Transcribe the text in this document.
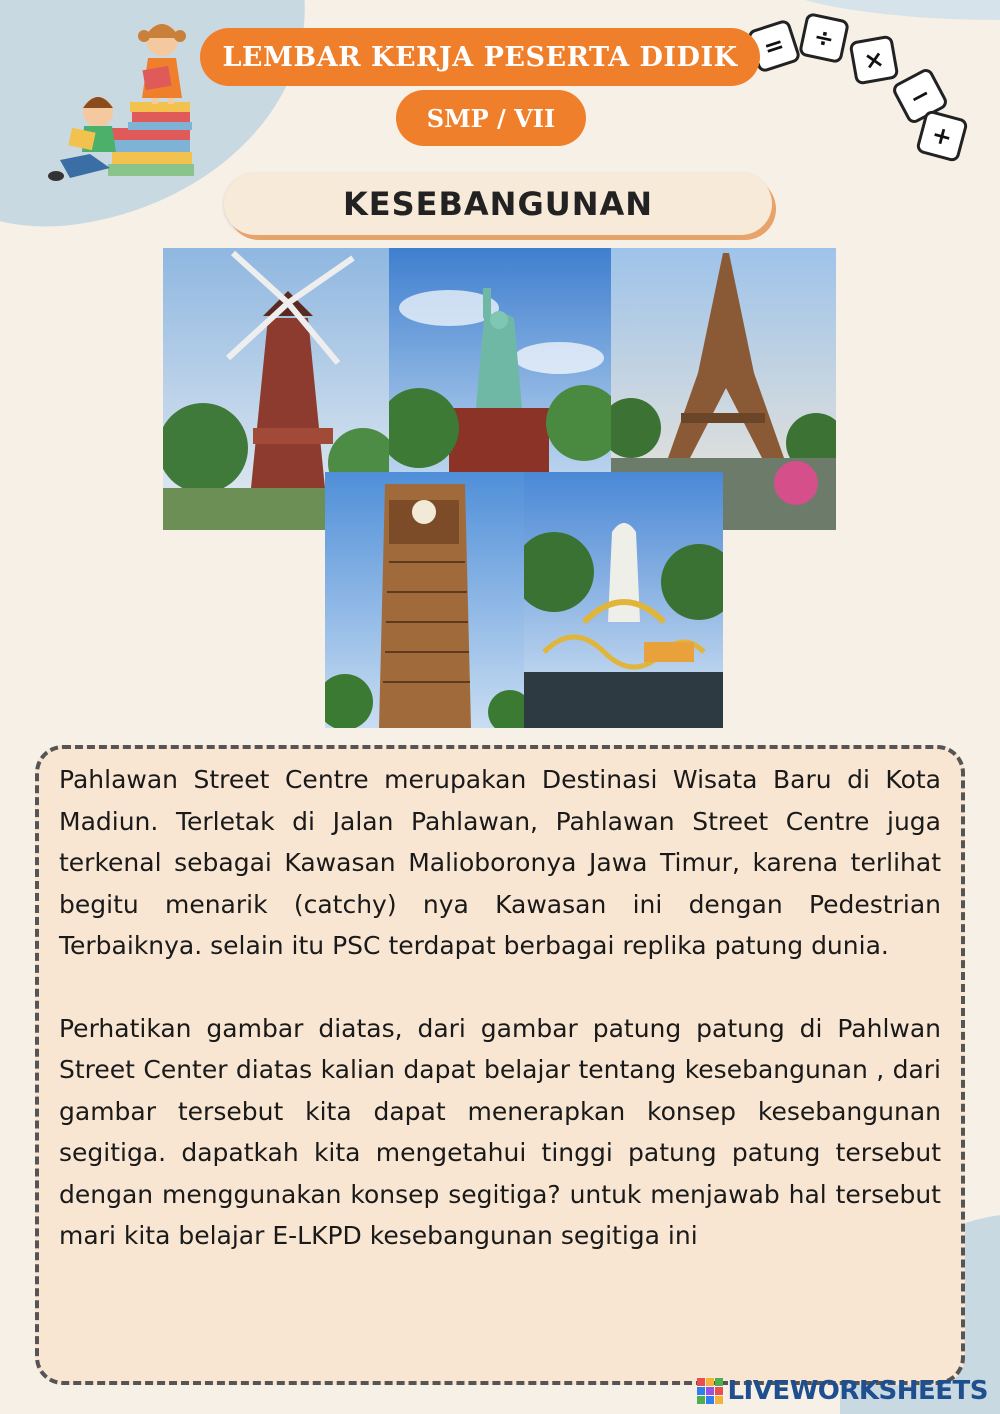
= ÷
×
−
+
LEMBAR KERJA PESERTA DIDIK
SMP / VII
KESEBANGUNAN

Pahlawan Street Centre merupakan Destinasi Wisata Baru di Kota Madiun. Terletak di Jalan Pahlawan, Pahlawan Street Centre juga terkenal sebagai Kawasan Malioboronya Jawa Timur, karena terlihat begitu menarik (catchy) nya Kawasan ini dengan Pedestrian Terbaiknya. selain itu PSC terdapat berbagai replika patung dunia.

Perhatikan gambar diatas, dari gambar patung patung di Pahlwan Street Center diatas kalian dapat belajar tentang kesebangunan , dari gambar tersebut kita dapat menerapkan konsep kesebangunan segitiga. dapatkah kita mengetahui tinggi patung patung tersebut dengan menggunakan konsep segitiga? untuk menjawab hal tersebut mari kita belajar E-LKPD kesebangunan segitiga ini

LIVEWORKSHEETS
